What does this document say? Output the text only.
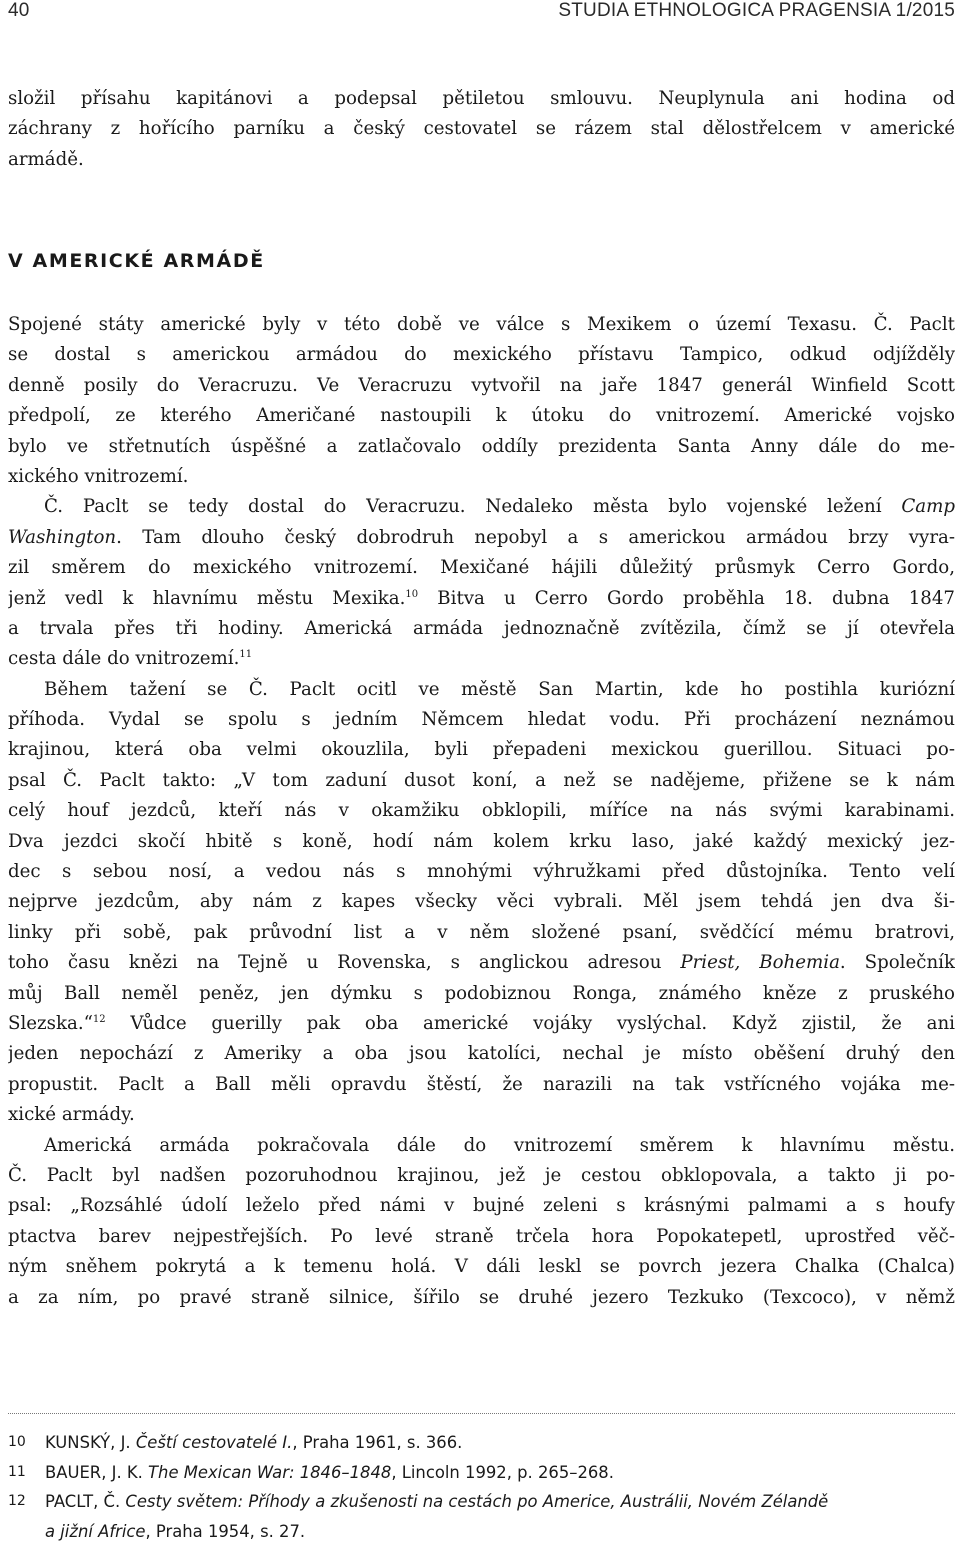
40	STUDIA ETHNOLOGICA PRAGENSIA 1/2015
složil přísahu kapitánovi a podepsal pětiletou smlouvu. Neuplynula ani hodina od
záchrany z hořícího parníku a český cestovatel se rázem stal dělostřelcem v americké
armádě.
V AMERICKÉ ARMÁDĚ
Spojené státy americké byly v této době ve válce s Mexikem o území Texasu. Č. Paclt
se dostal s americkou armádou do mexického přístavu Tampico, odkud odjížděly
denně posily do Veracruzu. Ve Veracruzu vytvořil na jaře 1847 generál Winfield Scott
předpolí, ze kterého Američané nastoupili k útoku do vnitrozemí. Americké vojsko
bylo ve střetnutích úspěšné a zatlačovalo oddíly prezidenta Santa Anny dále do me-
xického vnitrozemí.
Č. Paclt se tedy dostal do Veracruzu. Nedaleko města bylo vojenské ležení Camp
Washington. Tam dlouho český dobrodruh nepobyl a s americkou armádou brzy vyra-
zil směrem do mexického vnitrozemí. Mexičané hájili důležitý průsmyk Cerro Gordo,
jenž vedl k hlavnímu městu Mexika.$^{10}$ Bitva u Cerro Gordo proběhla 18. dubna 1847
a trvala přes tři hodiny. Americká armáda jednoznačně zvítězila, čímž se jí otevřela
cesta dále do vnitrozemí.$^{11}$
Během tažení se Č. Paclt ocitl ve městě San Martin, kde ho postihla kuriózní
příhoda. Vydal se spolu s jedním Němcem hledat vodu. Při procházení neznámou
krajinou, která oba velmi okouzlila, byli přepadeni mexickou guerillou. Situaci po-
psal Č. Paclt takto: „V tom zaduní dusot koní, a než se nadějeme, přiženе se k nám
celý houf jezdců, kteří nás v okamžiku obklopili, míříce na nás svými karabinami.
Dva jezdci skočí hbitě s koně, hodí nám kolem krku laso, jaké každý mexický jez-
dec s sebou nosí, a vedou nás s mnohými výhružkami před důstojníka. Tento velí
nejprve jezdcům, aby nám z kapes všecky věci vybrali. Měl jsem tehdá jen dva ši-
linky při sobě, pak průvodní list a v něm složené psaní, svědčící mému bratrovi,
toho času knězi na Tejně u Rovenska, s anglickou adresou Priest, Bohemia. Společník
můj Ball neměl peněz, jen dýmku s podobiznou Ronga, známého kněze z pruského
Slezska.“$^{12}$ Vůdce guerilly pak oba americké vojáky vyslýchal. Když zjistil, že ani
jeden nepochází z Ameriky a oba jsou katolíci, nechal je místo oběšení druhý den
propustit. Paclt a Ball měli opravdu štěstí, že narazili na tak vstřícného vojáka me-
xické armády.
Americká armáda pokračovala dále do vnitrozemí směrem k hlavnímu městu.
Č. Paclt byl nadšen pozoruhodnou krajinou, jež je cestou obklopovala, a takto ji po-
psal: „Rozsáhlé údolí leželo před námi v bujné zeleni s krásnými palmami a s houfy
ptactva barev nejpestřejších. Po levé straně trčela hora Popokatepetl, uprostřed věč-
ným sněhem pokrytá a k temenu holá. V dáli leskl se povrch jezera Chalka (Chalca)
a za ním, po pravé straně silnice, šířilo se druhé jezero Tezkuko (Texcoco), v němž
10 KUNSKÝ, J. Čeští cestovatelé I., Praha 1961, s. 366.
11 BAUER, J. K. The Mexican War: 1846–1848, Lincoln 1992, p. 265–268.
12 PACLT, Č. Cesty světem: Příhody a zkušenosti na cestách po Americe, Austrálii, Novém Zélandě
a jižní Africe, Praha 1954, s. 27.
